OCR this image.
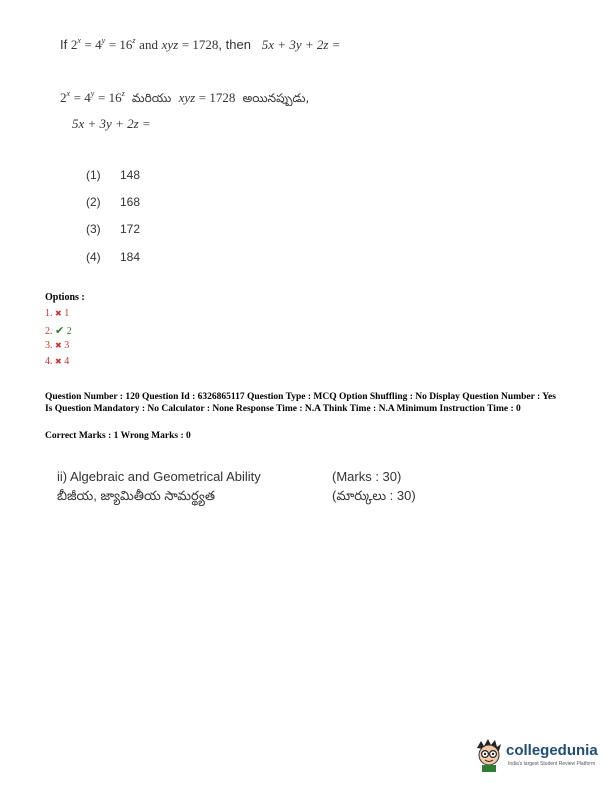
If $2^x = 4^y = 16^z$ and xyz = 1728, then 5x + 3y + 2z =
$2^x = 4^y = 16^z$ మరియు xyz = 1728 అయినప్పుడు,
5x + 3y + 2z =
(1) 148
(2) 168
(3) 172
(4) 184
Options :
1. ✖ 1
2. ✔ 2
3. ✖ 3
4. ✖ 4
Question Number : 120 Question Id : 6326865117 Question Type : MCQ Option Shuffling : No Display Question Number : Yes Is Question Mandatory : No Calculator : None Response Time : N.A Think Time : N.A Minimum Instruction Time : 0
Correct Marks : 1 Wrong Marks : 0
ii) Algebraic and Geometrical Ability	(Marks : 30)
బీజీయ, జ్యామితీయ సామర్థ్యత	(మార్కులు : 30)
collegedunia
India's largest Student Review Platform
